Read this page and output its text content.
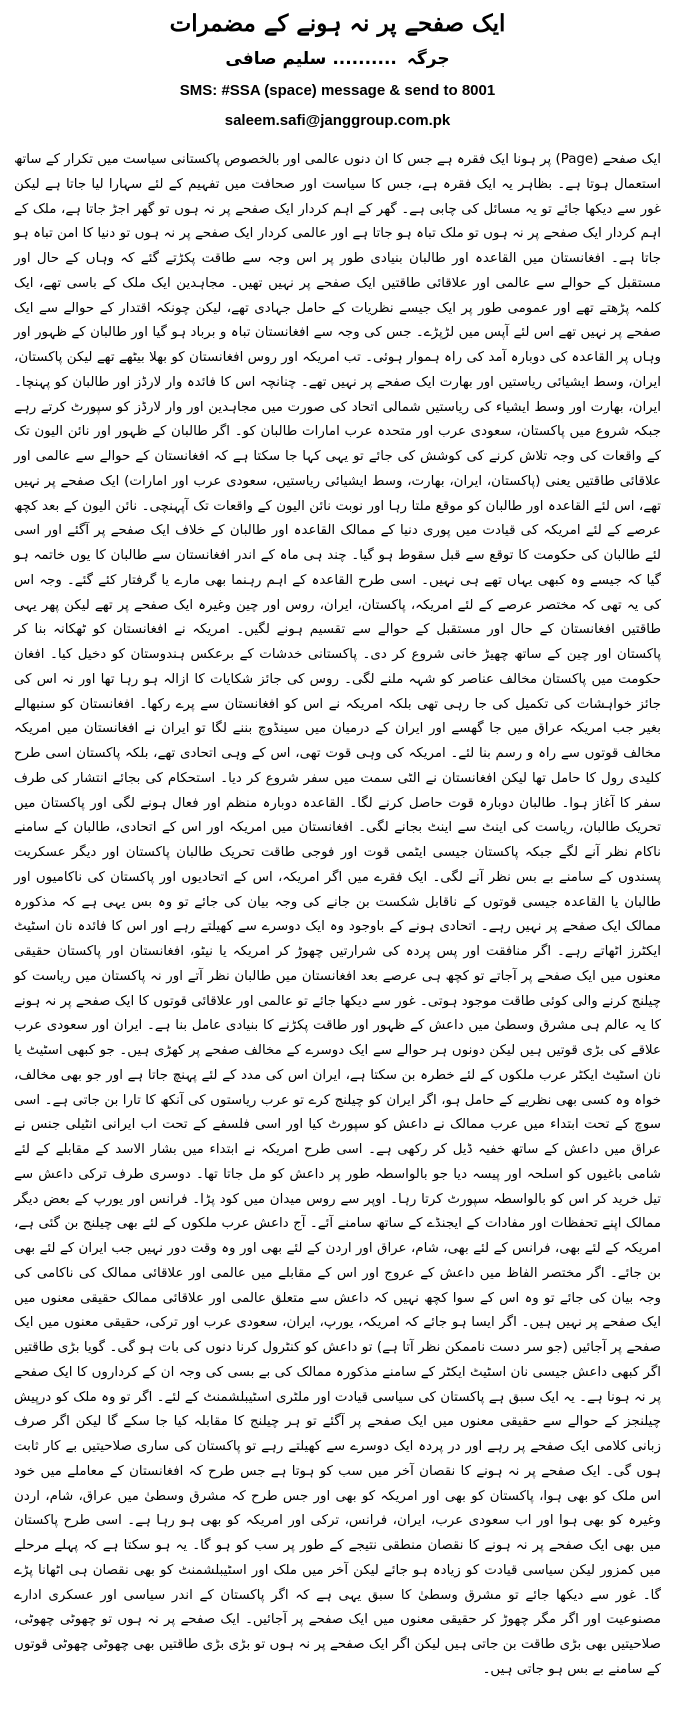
ایک صفحے پر نہ ہونے کے مضمرات
جرگہ.......... سلیم صافی
SMS: #SSA (space) message & send to 8001
saleem.safi@janggroup.com.pk

ایک صفحے (Page) پر ہونا ایک فقرہ ہے جس کا ان دنوں عالمی اور بالخصوص پاکستانی سیاست میں تکرار کے ساتھ استعمال ہوتا ہے۔ بظاہر یہ ایک فقرہ ہے، جس کا سیاست اور صحافت میں تفہیم کے لئے سہارا لیا جاتا ہے لیکن غور سے دیکھا جائے تو یہ مسائل کی چابی ہے۔ گھر کے اہم کردار ایک صفحے پر نہ ہوں تو گھر اجڑ جاتا ہے، ملک کے اہم کردار ایک صفحے پر نہ ہوں تو ملک تباہ ہو جاتا ہے اور عالمی کردار ایک صفحے پر نہ ہوں تو دنیا کا امن تباہ ہو جاتا ہے۔ افغانستان میں القاعدہ اور طالبان بنیادی طور پر اس وجہ سے طاقت پکڑتے گئے کہ وہاں کے حال اور مستقبل کے حوالے سے عالمی اور علاقائی طاقتیں ایک صفحے پر نہیں تھیں۔ مجاہدین ایک ملک کے باسی تھے، ایک کلمہ پڑھتے تھے اور عمومی طور پر ایک جیسے نظریات کے حامل جہادی تھے، لیکن چونکہ اقتدار کے حوالے سے ایک صفحے پر نہیں تھے اس لئے آپس میں لڑپڑے۔ جس کی وجہ سے افغانستان تباہ و برباد ہو گیا اور طالبان کے ظہور اور وہاں پر القاعدہ کی دوبارہ آمد کی راہ ہموار ہوئی۔ تب امریکہ اور روس افغانستان کو بھلا بیٹھے تھے لیکن پاکستان، ایران، وسط ایشیائی ریاستیں اور بھارت ایک صفحے پر نہیں تھے۔ چنانچہ اس کا فائدہ وار لارڈز اور طالبان کو پہنچا۔ ایران، بھارت اور وسط ایشیاء کی ریاستیں شمالی اتحاد کی صورت میں مجاہدین اور وار لارڈز کو سپورٹ کرتے رہے جبکہ شروع میں پاکستان، سعودی عرب اور متحدہ عرب امارات طالبان کو۔ اگر طالبان کے ظہور اور نائن الیون تک کے واقعات کی وجہ تلاش کرنے کی کوشش کی جائے تو یہی کہا جا سکتا ہے کہ افغانستان کے حوالے سے عالمی اور علاقائی طاقتیں یعنی (پاکستان، ایران، بھارت، وسط ایشیائی ریاستیں، سعودی عرب اور امارات) ایک صفحے پر نہیں تھے، اس لئے القاعدہ اور طالبان کو موقع ملتا رہا اور نوبت نائن الیون کے واقعات تک آپہنچی۔ نائن الیون کے بعد کچھ عرصے کے لئے امریکہ کی قیادت میں پوری دنیا کے ممالک القاعدہ اور طالبان کے خلاف ایک صفحے پر آگئے اور اسی لئے طالبان کی حکومت کا توقع سے قبل سقوط ہو گیا۔ چند ہی ماہ کے اندر افغانستان سے طالبان کا یوں خاتمہ ہو گیا کہ جیسے وہ کبھی یہاں تھے ہی نہیں۔ اسی طرح القاعدہ کے اہم رہنما بھی مارے یا گرفتار کئے گئے۔ وجہ اس کی یہ تھی کہ مختصر عرصے کے لئے امریکہ، پاکستان، ایران، روس اور چین وغیرہ ایک صفحے پر تھے لیکن پھر یہی طاقتیں افغانستان کے حال اور مستقبل کے حوالے سے تقسیم ہونے لگیں۔ امریکہ نے افغانستان کو ٹھکانہ بنا کر پاکستان اور چین کے ساتھ چھیڑ خانی شروع کر دی۔ پاکستانی خدشات کے برعکس ہندوستان کو دخیل کیا۔ افغان حکومت میں پاکستان مخالف عناصر کو شہہ ملنے لگی۔ روس کی جائز شکایات کا ازالہ ہو رہا تھا اور نہ اس کی جائز خواہشات کی تکمیل کی جا رہی تھی بلکہ امریکہ نے اس کو افغانستان سے پرے رکھا۔ افغانستان کو سنبھالے بغیر جب امریکہ عراق میں جا گھسے اور ایران کے درمیان میں سینڈوچ بننے لگا تو ایران نے افغانستان میں امریکہ مخالف قوتوں سے راہ و رسم بنا لئے۔ امریکہ کی وہی قوت تھی، اس کے وہی اتحادی تھے، بلکہ پاکستان اسی طرح کلیدی رول کا حامل تھا لیکن افغانستان نے الٹی سمت میں سفر شروع کر دیا۔ استحکام کی بجائے انتشار کی طرف سفر کا آغاز ہوا۔ طالبان دوبارہ قوت حاصل کرنے لگا۔ القاعدہ دوبارہ منظم اور فعال ہونے لگی اور پاکستان میں تحریک طالبان، ریاست کی اینٹ سے اینٹ بجانے لگی۔ افغانستان میں امریکہ اور اس کے اتحادی، طالبان کے سامنے ناکام نظر آنے لگے جبکہ پاکستان جیسی ایٹمی قوت اور فوجی طاقت تحریک طالبان پاکستان اور دیگر عسکریت پسندوں کے سامنے بے بس نظر آنے لگی۔ ایک فقرے میں اگر امریکہ، اس کے اتحادیوں اور پاکستان کی ناکامیوں اور طالبان یا القاعدہ جیسی قوتوں کے ناقابل شکست بن جانے کی وجہ بیان کی جائے تو وہ بس یہی ہے کہ مذکورہ ممالک ایک صفحے پر نہیں رہے۔ اتحادی ہونے کے باوجود وہ ایک دوسرے سے کھیلتے رہے اور اس کا فائدہ نان اسٹیٹ ایکٹرز اٹھاتے رہے۔ اگر منافقت اور پس پردہ کی شرارتیں چھوڑ کر امریکہ یا نیٹو، افغانستان اور پاکستان حقیقی معنوں میں ایک صفحے پر آجاتے تو کچھ ہی عرصے بعد افغانستان میں طالبان نظر آتے اور نہ پاکستان میں ریاست کو چیلنج کرنے والی کوئی طاقت موجود ہوتی۔ غور سے دیکھا جائے تو عالمی اور علاقائی قوتوں کا ایک صفحے پر نہ ہونے کا یہ عالم ہی مشرق وسطیٰ میں داعش کے ظہور اور طاقت پکڑنے کا بنیادی عامل بنا ہے۔ ایران اور سعودی عرب علاقے کی بڑی قوتیں ہیں لیکن دونوں ہر حوالے سے ایک دوسرے کے مخالف صفحے پر کھڑی ہیں۔ جو کبھی اسٹیٹ یا نان اسٹیٹ ایکٹر عرب ملکوں کے لئے خطرہ بن سکتا ہے، ایران اس کی مدد کے لئے پہنچ جاتا ہے اور جو بھی مخالف، خواہ وہ کسی بھی نظریے کے حامل ہو، اگر ایران کو چیلنج کرے تو عرب ریاستوں کی آنکھ کا تارا بن جاتی ہے۔ اسی سوچ کے تحت ابتداء میں عرب ممالک نے داعش کو سپورٹ کیا اور اسی فلسفے کے تحت اب ایرانی انٹیلی جنس نے عراق میں داعش کے ساتھ خفیہ ڈیل کر رکھی ہے۔ اسی طرح امریکہ نے ابتداء میں بشار الاسد کے مقابلے کے لئے شامی باغیوں کو اسلحہ اور پیسہ دیا جو بالواسطہ طور پر داعش کو مل جاتا تھا۔ دوسری طرف ترکی داعش سے تیل خرید کر اس کو بالواسطہ سپورٹ کرتا رہا۔ اوپر سے روس میدان میں کود پڑا۔ فرانس اور یورپ کے بعض دیگر ممالک اپنے تحفظات اور مفادات کے ایجنڈے کے ساتھ سامنے آئے۔ آج داعش عرب ملکوں کے لئے بھی چیلنج بن گئی ہے، امریکہ کے لئے بھی، فرانس کے لئے بھی، شام، عراق اور اردن کے لئے بھی اور وہ وقت دور نہیں جب ایران کے لئے بھی بن جائے۔ اگر مختصر الفاظ میں داعش کے عروج اور اس کے مقابلے میں عالمی اور علاقائی ممالک کی ناکامی کی وجہ بیان کی جائے تو وہ اس کے سوا کچھ نہیں کہ داعش سے متعلق عالمی اور علاقائی ممالک حقیقی معنوں میں ایک صفحے پر نہیں ہیں۔ اگر ایسا ہو جائے کہ امریکہ، یورپ، ایران، سعودی عرب اور ترکی، حقیقی معنوں میں ایک صفحے پر آجائیں (جو سر دست ناممکن نظر آتا ہے) تو داعش کو کنٹرول کرنا دنوں کی بات ہو گی۔ گویا بڑی طاقتیں اگر کبھی داعش جیسی نان اسٹیٹ ایکٹر کے سامنے مذکورہ ممالک کی بے بسی کی وجہ ان کے کرداروں کا ایک صفحے پر نہ ہونا ہے۔ یہ ایک سبق ہے پاکستان کی سیاسی قیادت اور ملٹری اسٹیبلشمنٹ کے لئے۔ اگر تو وہ ملک کو درپیش چیلنجز کے حوالے سے حقیقی معنوں میں ایک صفحے پر آگئے تو ہر چیلنج کا مقابلہ کیا جا سکے گا لیکن اگر صرف زبانی کلامی ایک صفحے پر رہے اور در پردہ ایک دوسرے سے کھیلتے رہے تو پاکستان کی ساری صلاحیتیں بے کار ثابت ہوں گی۔ ایک صفحے پر نہ ہونے کا نقصان آخر میں سب کو ہوتا ہے جس طرح کہ افغانستان کے معاملے میں خود اس ملک کو بھی ہوا، پاکستان کو بھی اور امریکہ کو بھی اور جس طرح کہ مشرق وسطیٰ میں عراق، شام، اردن وغیرہ کو بھی ہوا اور اب سعودی عرب، ایران، فرانس، ترکی اور امریکہ کو بھی ہو رہا ہے۔ اسی طرح پاکستان میں بھی ایک صفحے پر نہ ہونے کا نقصان منطقی نتیجے کے طور پر سب کو ہو گا۔ یہ ہو سکتا ہے کہ پہلے مرحلے میں کمزور لیکن سیاسی قیادت کو زیادہ ہو جائے لیکن آخر میں ملک اور اسٹیبلشمنٹ کو بھی نقصان ہی اٹھانا پڑے گا۔ غور سے دیکھا جائے تو مشرق وسطیٰ کا سبق یہی ہے کہ اگر پاکستان کے اندر سیاسی اور عسکری ادارے مصنوعیت اور اگر مگر چھوڑ کر حقیقی معنوں میں ایک صفحے پر آجائیں۔ ایک صفحے پر نہ ہوں تو چھوٹی چھوٹی، صلاحیتیں بھی بڑی طاقت بن جاتی ہیں لیکن اگر ایک صفحے پر نہ ہوں تو بڑی بڑی طاقتیں بھی چھوٹی چھوٹی قوتوں کے سامنے بے بس ہو جاتی ہیں۔
